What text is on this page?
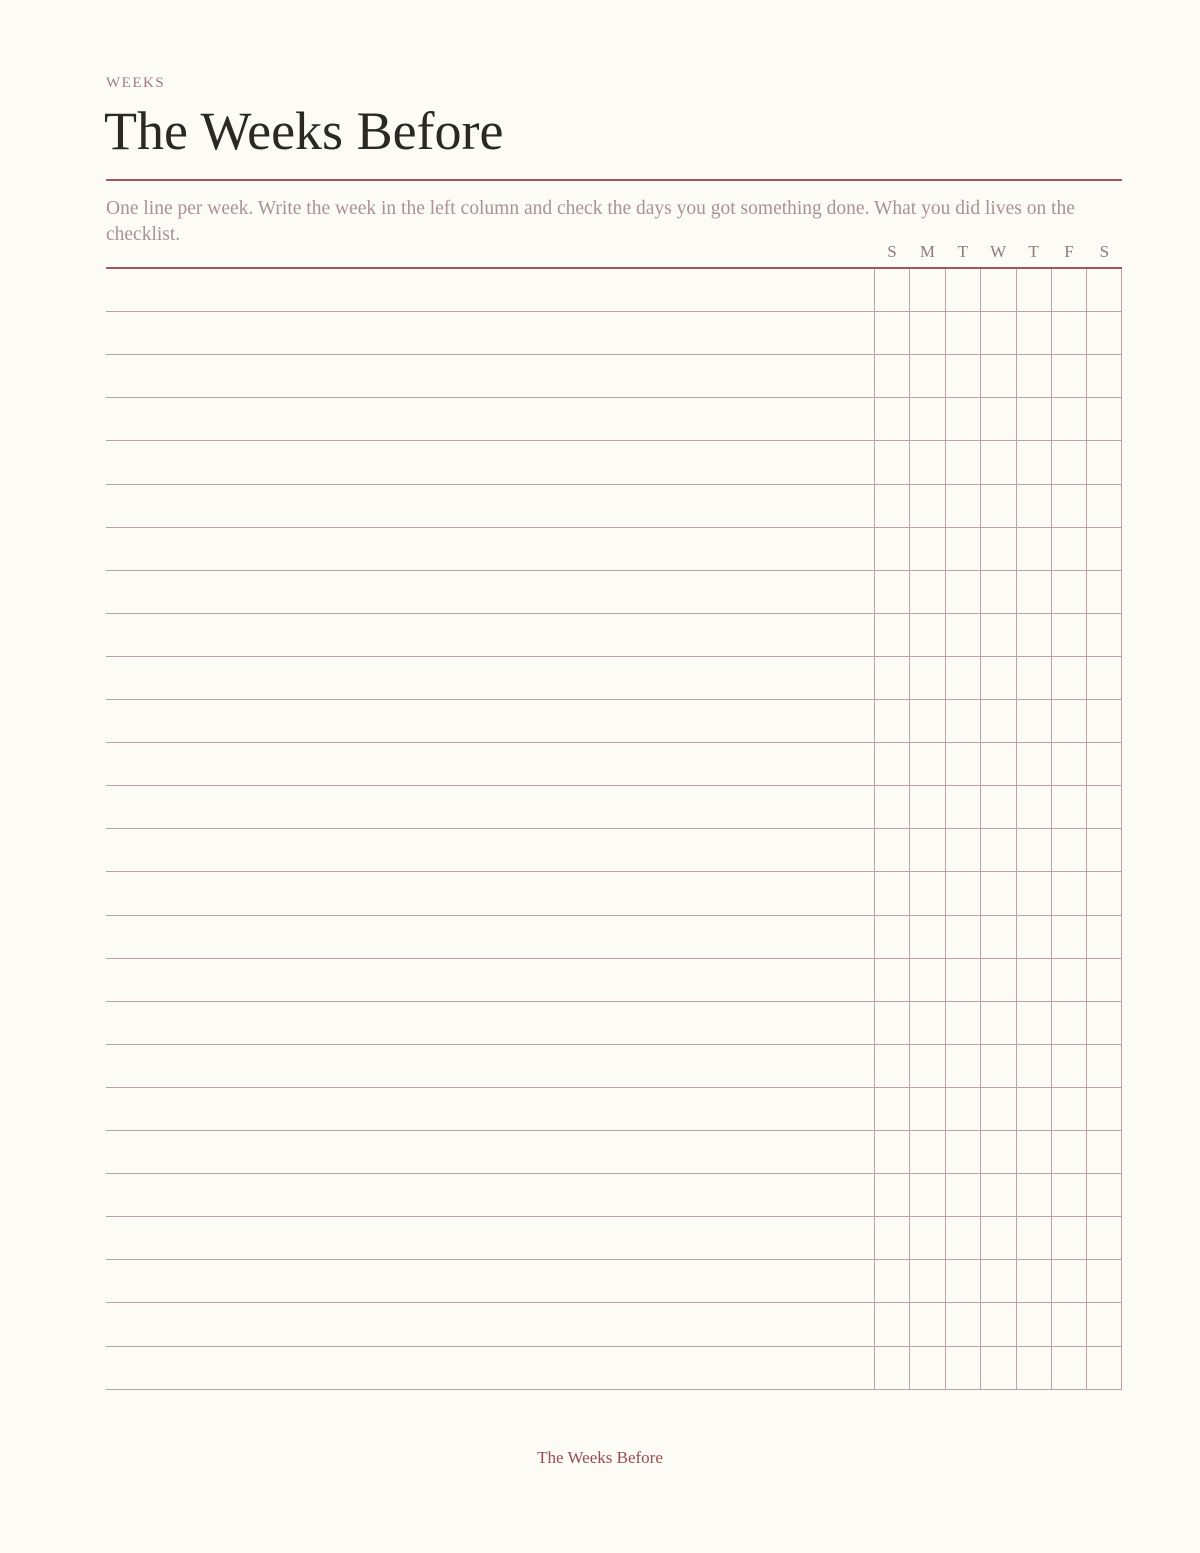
WEEKS
The Weeks Before

One line per week. Write the week in the left column and check the days you got something done. What you did lives on the checklist.

S	M	T	W	T	F	S
The Weeks Before
